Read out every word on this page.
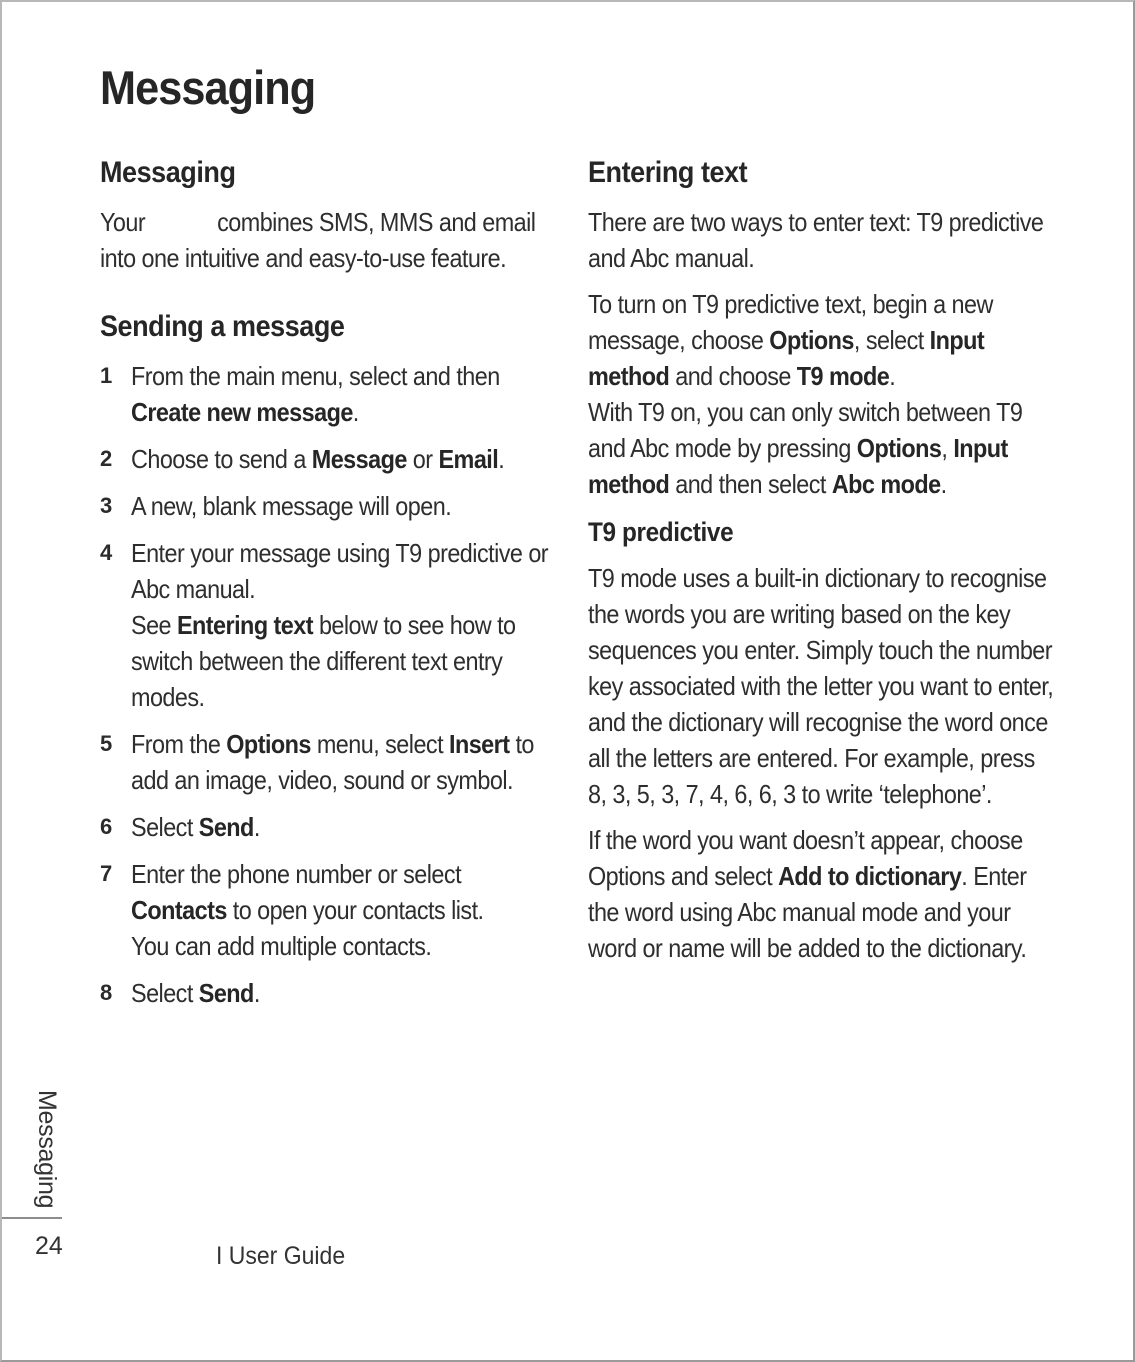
Messaging
Messaging

Your	combines SMS, MMS and email into one intuitive and easy-to-use feature.

Sending a message
1 From the main menu, select and then Create new message.

2 Choose to send a Message or Email.

3 A new, blank message will open.

4 Enter your message using T9 predictive or Abc manual.
See Entering text below to see how to switch between the different text entry modes.

5 From the Options menu, select Insert to add an image, video, sound or symbol.

6 Select Send.

7 Enter the phone number or select Contacts to open your contacts list.
You can add multiple contacts.

8 Select Send.

Entering text

There are two ways to enter text: T9 predictive and Abc manual.

To turn on T9 predictive text, begin a new message, choose Options, select Input method and choose T9 mode.

With T9 on, you can only switch between T9 and Abc mode by pressing Options, Input method and then select Abc mode.

T9 predictive

T9 mode uses a built-in dictionary to recognise the words you are writing based on the key sequences you enter. Simply touch the number key associated with the letter you want to enter, and the dictionary will recognise the word once all the letters are entered. For example, press 8, 3, 5, 3, 7, 4, 6, 6, 3 to write ‘telephone’.

If the word you want doesn’t appear, choose Options and select Add to dictionary. Enter the word using Abc manual mode and your word or name will be added to the dictionary.

Messaging
24	I User Guide
